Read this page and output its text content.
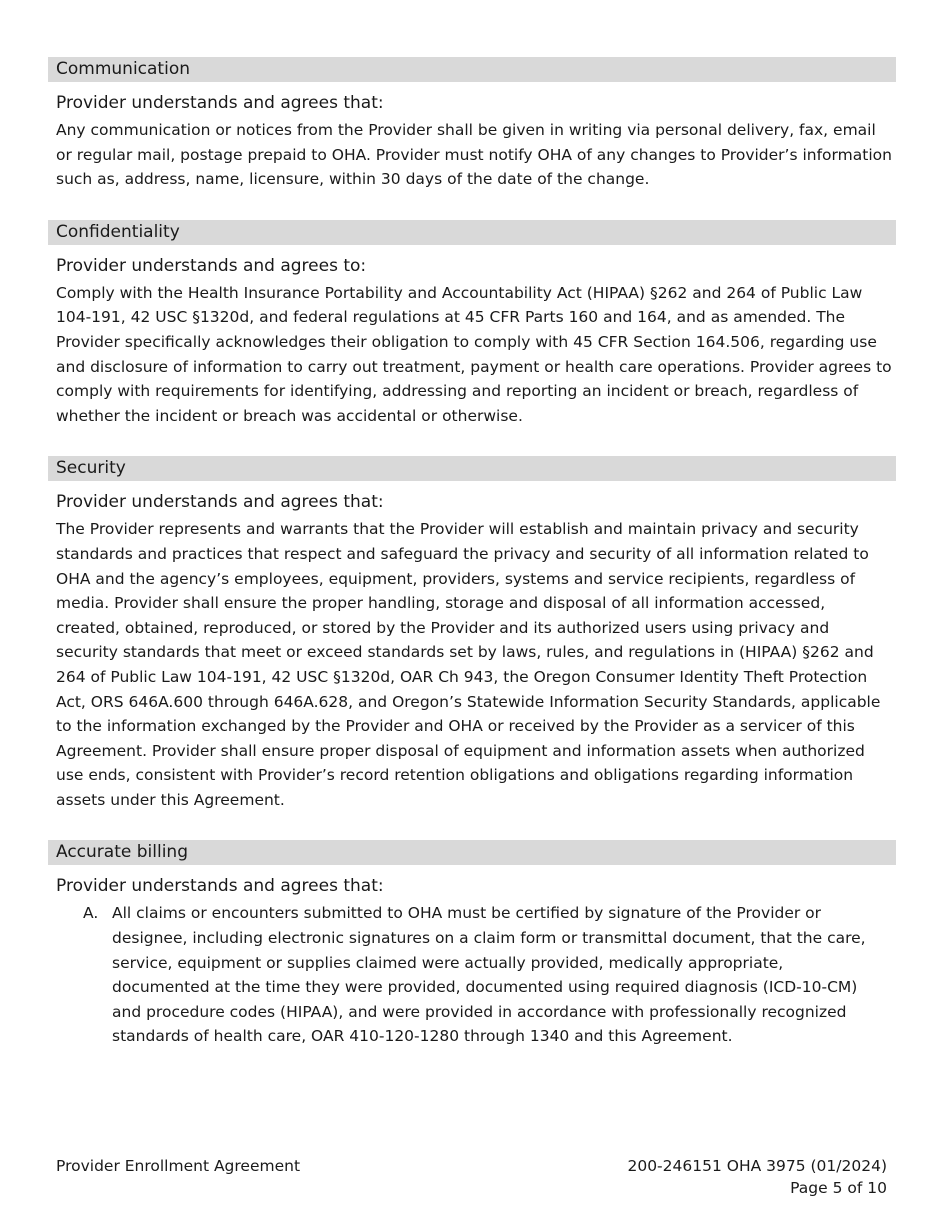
Communication
Provider understands and agrees that:
Any communication or notices from the Provider shall be given in writing via personal delivery, fax, email or regular mail, postage prepaid to OHA. Provider must notify OHA of any changes to Provider’s information such as, address, name, licensure, within 30 days of the date of the change.
Confidentiality
Provider understands and agrees to:
Comply with the Health Insurance Portability and Accountability Act (HIPAA) §262 and 264 of Public Law 104-191, 42 USC §1320d, and federal regulations at 45 CFR Parts 160 and 164, and as amended. The Provider specifically acknowledges their obligation to comply with 45 CFR Section 164.506, regarding use and disclosure of information to carry out treatment, payment or health care operations. Provider agrees to comply with requirements for identifying, addressing and reporting an incident or breach, regardless of whether the incident or breach was accidental or otherwise.
Security
Provider understands and agrees that:
The Provider represents and warrants that the Provider will establish and maintain privacy and security standards and practices that respect and safeguard the privacy and security of all information related to OHA and the agency’s employees, equipment, providers, systems and service recipients, regardless of media. Provider shall ensure the proper handling, storage and disposal of all information accessed, created, obtained, reproduced, or stored by the Provider and its authorized users using privacy and security standards that meet or exceed standards set by laws, rules, and regulations in (HIPAA) §262 and 264 of Public Law 104-191, 42 USC §1320d, OAR Ch 943, the Oregon Consumer Identity Theft Protection Act, ORS 646A.600 through 646A.628, and Oregon’s Statewide Information Security Standards, applicable to the information exchanged by the Provider and OHA or received by the Provider as a servicer of this Agreement. Provider shall ensure proper disposal of equipment and information assets when authorized use ends, consistent with Provider’s record retention obligations and obligations regarding information assets under this Agreement.
Accurate billing
Provider understands and agrees that:
A. All claims or encounters submitted to OHA must be certified by signature of the Provider or designee, including electronic signatures on a claim form or transmittal document, that the care, service, equipment or supplies claimed were actually provided, medically appropriate, documented at the time they were provided, documented using required diagnosis (ICD-10-CM) and procedure codes (HIPAA), and were provided in accordance with professionally recognized standards of health care, OAR 410-120-1280 through 1340 and this Agreement.
Provider Enrollment Agreement	200-246151 OHA 3975 (01/2024)
Page 5 of 10
